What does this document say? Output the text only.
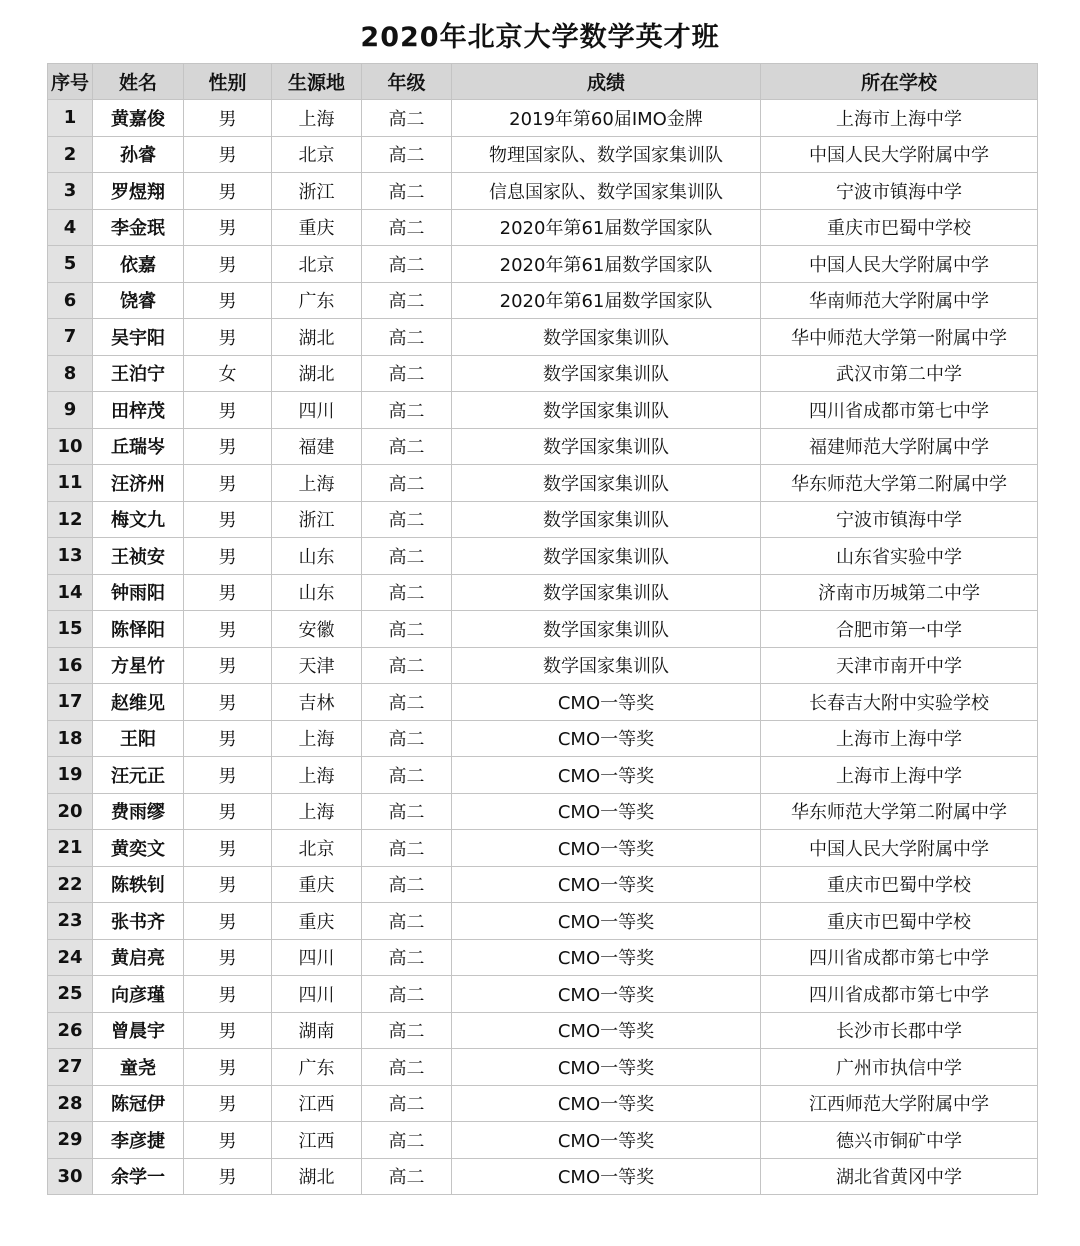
2020年北京大学数学英才班
序号	姓名	性别	生源地	年级	成绩	所在学校
1	黄嘉俊	男	上海	高二	2019年第60届IMO金牌	上海市上海中学
2	孙睿	男	北京	高二	物理国家队、数学国家集训队	中国人民大学附属中学
3	罗煜翔	男	浙江	高二	信息国家队、数学国家集训队	宁波市镇海中学
4	李金珉	男	重庆	高二	2020年第61届数学国家队	重庆市巴蜀中学校
5	依嘉	男	北京	高二	2020年第61届数学国家队	中国人民大学附属中学
6	饶睿	男	广东	高二	2020年第61届数学国家队	华南师范大学附属中学
7	吴宇阳	男	湖北	高二	数学国家集训队	华中师范大学第一附属中学
8	王泊宁	女	湖北	高二	数学国家集训队	武汉市第二中学
9	田梓茂	男	四川	高二	数学国家集训队	四川省成都市第七中学
10	丘瑞岑	男	福建	高二	数学国家集训队	福建师范大学附属中学
11	汪济州	男	上海	高二	数学国家集训队	华东师范大学第二附属中学
12	梅文九	男	浙江	高二	数学国家集训队	宁波市镇海中学
13	王祯安	男	山东	高二	数学国家集训队	山东省实验中学
14	钟雨阳	男	山东	高二	数学国家集训队	济南市历城第二中学
15	陈怿阳	男	安徽	高二	数学国家集训队	合肥市第一中学
16	方星竹	男	天津	高二	数学国家集训队	天津市南开中学
17	赵维见	男	吉林	高二	CMO一等奖	长春吉大附中实验学校
18	王阳	男	上海	高二	CMO一等奖	上海市上海中学
19	汪元正	男	上海	高二	CMO一等奖	上海市上海中学
20	费雨缪	男	上海	高二	CMO一等奖	华东师范大学第二附属中学
21	黄奕文	男	北京	高二	CMO一等奖	中国人民大学附属中学
22	陈轶钊	男	重庆	高二	CMO一等奖	重庆市巴蜀中学校
23	张书齐	男	重庆	高二	CMO一等奖	重庆市巴蜀中学校
24	黄启亮	男	四川	高二	CMO一等奖	四川省成都市第七中学
25	向彦瑾	男	四川	高二	CMO一等奖	四川省成都市第七中学
26	曾晨宇	男	湖南	高二	CMO一等奖	长沙市长郡中学
27	童尧	男	广东	高二	CMO一等奖	广州市执信中学
28	陈冠伊	男	江西	高二	CMO一等奖	江西师范大学附属中学
29	李彦捷	男	江西	高二	CMO一等奖	德兴市铜矿中学
30	余学一	男	湖北	高二	CMO一等奖	湖北省黄冈中学
